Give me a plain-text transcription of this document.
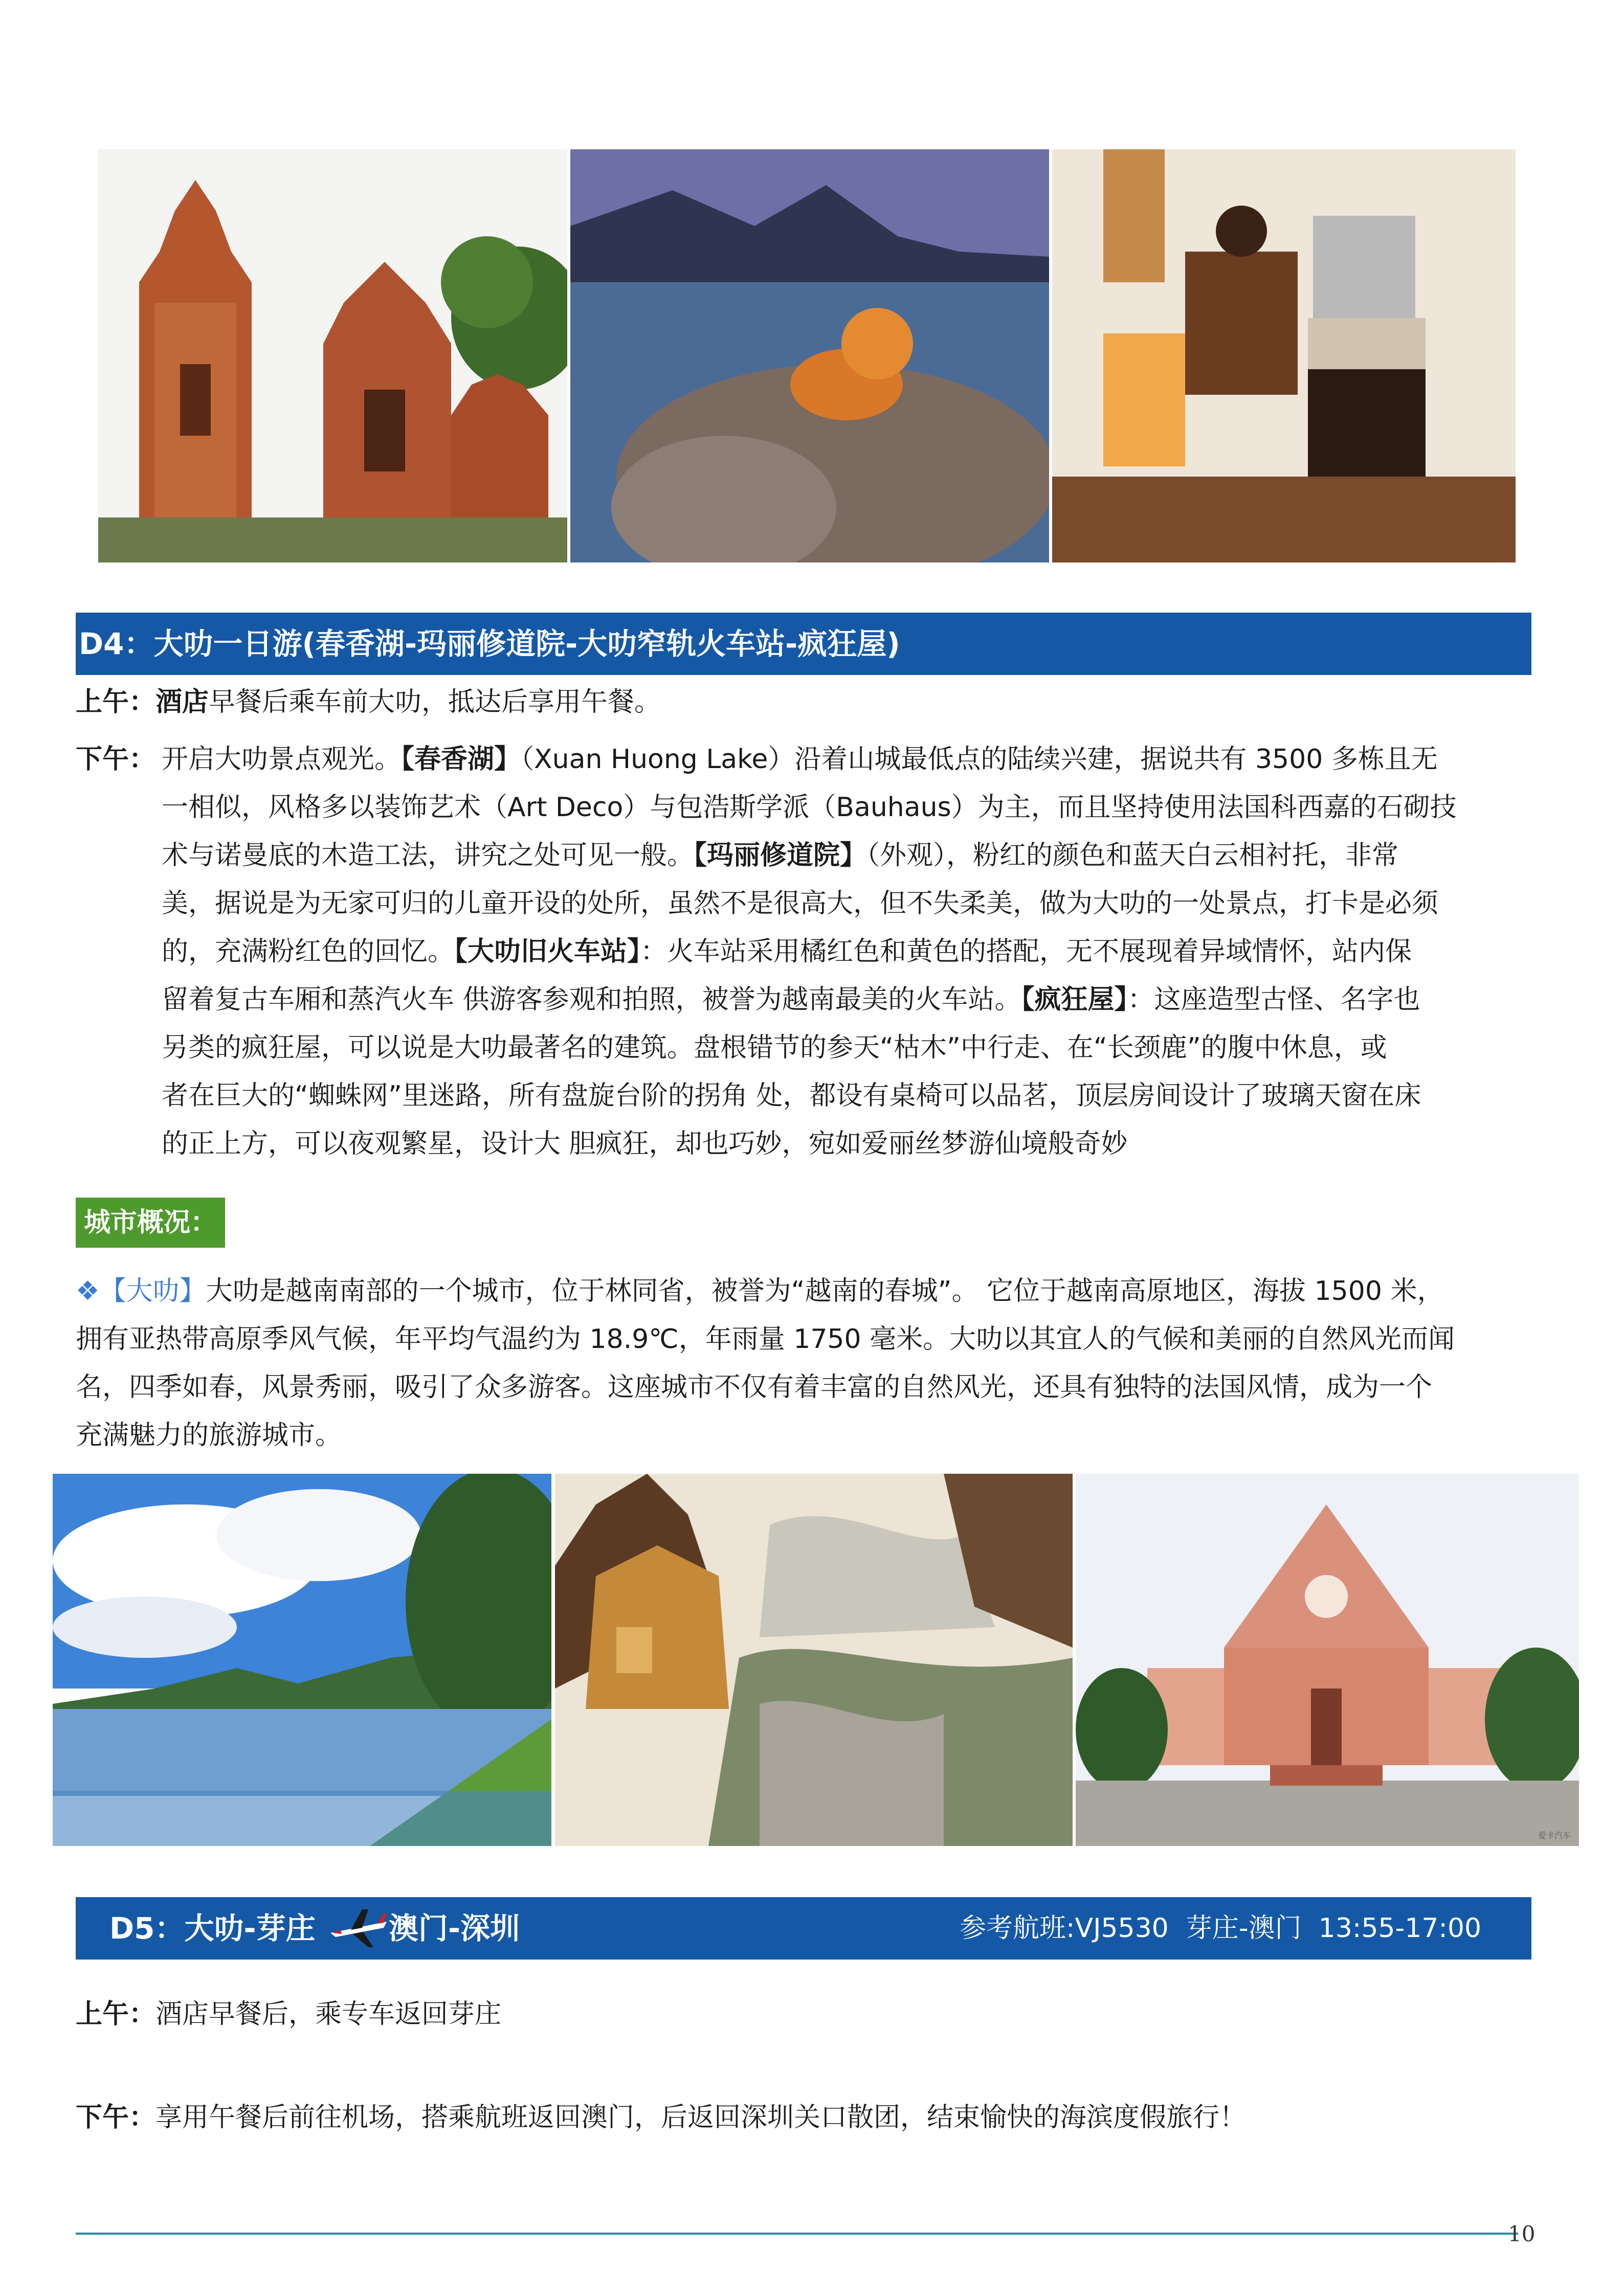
D4：大叻一日游(春香湖-玛丽修道院-大叻窄轨火车站-疯狂屋)
上午：酒店早餐后乘车前大叻，抵达后享用午餐。
下午： 开启大叻景点观光。【春香湖】（Xuan Huong Lake）沿着山城最低点的陆续兴建，据说共有 3500 多栋且无
一相似，风格多以装饰艺术（Art Deco）与包浩斯学派（Bauhaus）为主，而且坚持使用法国科西嘉的石砌技
术与诺曼底的木造工法，讲究之处可见一般。【玛丽修道院】（外观），粉红的颜色和蓝天白云相衬托，非常
美，据说是为无家可归的儿童开设的处所，虽然不是很高大，但不失柔美，做为大叻的一处景点，打卡是必须
的，充满粉红色的回忆。【大叻旧火车站】：火车站采用橘红色和黄色的搭配，无不展现着异域情怀，站内保
留着复古车厢和蒸汽火车 供游客参观和拍照，被誉为越南最美的火车站。【疯狂屋】：这座造型古怪、名字也
另类的疯狂屋，可以说是大叻最著名的建筑。盘根错节的参天“枯木”中行走、在“长颈鹿”的腹中休息，或
者在巨大的“蜘蛛网”里迷路，所有盘旋台阶的拐角 处，都设有桌椅可以品茗，顶层房间设计了玻璃天窗在床
的正上方，可以夜观繁星，设计大 胆疯狂，却也巧妙，宛如爱丽丝梦游仙境般奇妙
城市概况：
❖【大叻】大叻是越南南部的一个城市，位于林同省，被誉为“越南的春城”。 它位于越南高原地区，海拔 1500 米，
拥有亚热带高原季风气候，年平均气温约为 18.9℃，年雨量 1750 毫米。大叻以其宜人的气候和美丽的自然风光而闻
名，四季如春，风景秀丽，吸引了众多游客。这座城市不仅有着丰富的自然风光，还具有独特的法国风情，成为一个
充满魅力的旅游城市。
爱卡汽车
D5：大叻-芽庄 澳门-深圳	参考航班:VJ5530  芽庄-澳门  13:55-17:00
上午：酒店早餐后，乘专车返回芽庄
下午：享用午餐后前往机场，搭乘航班返回澳门，后返回深圳关口散团，结束愉快的海滨度假旅行！
10
